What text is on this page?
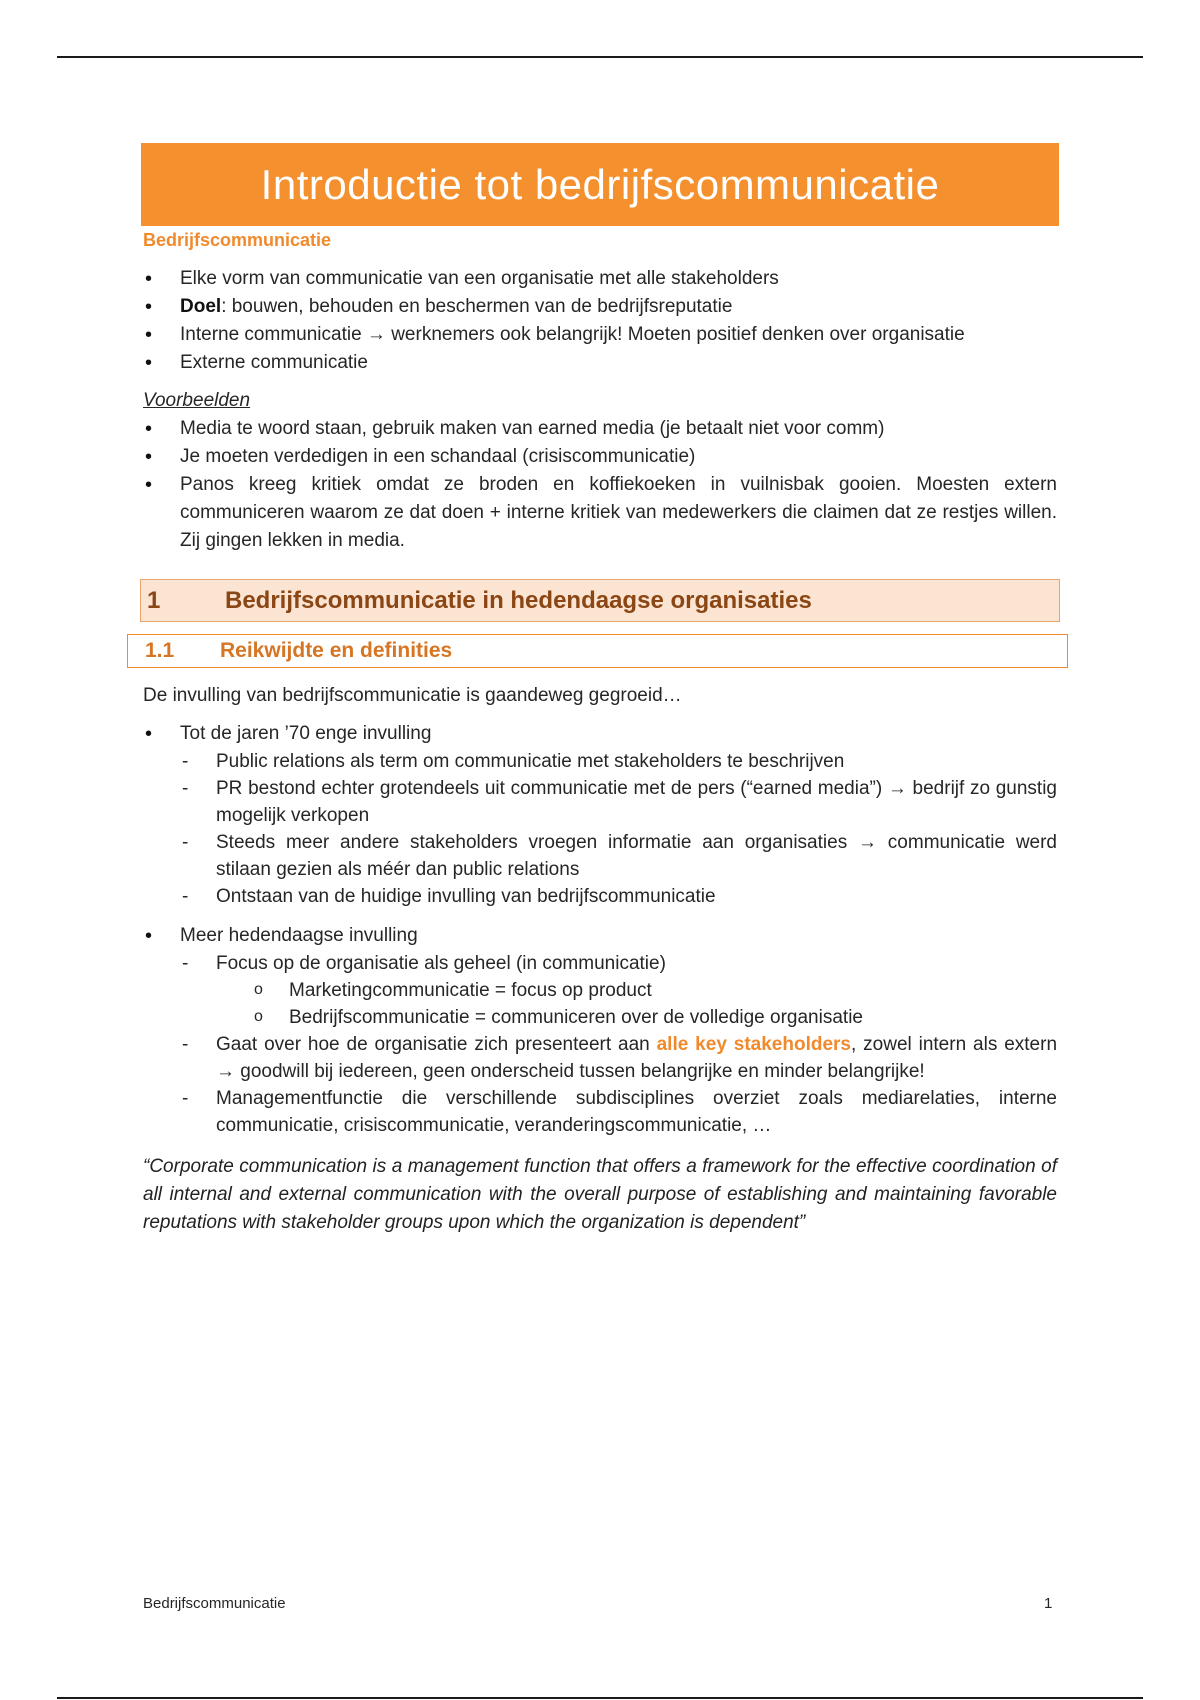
Introductie tot bedrijfscommunicatie
Bedrijfscommunicatie
• Elke vorm van communicatie van een organisatie met alle stakeholders
• Doel: bouwen, behouden en beschermen van de bedrijfsreputatie
• Interne communicatie → werknemers ook belangrijk! Moeten positief denken over organisatie
• Externe communicatie
Voorbeelden
• Media te woord staan, gebruik maken van earned media (je betaalt niet voor comm)
• Je moeten verdedigen in een schandaal (crisiscommunicatie)
• Panos kreeg kritiek omdat ze broden en koffiekoeken in vuilnisbak gooien. Moesten extern communiceren waarom ze dat doen + interne kritiek van medewerkers die claimen dat ze restjes willen. Zij gingen lekken in media.
1	Bedrijfscommunicatie in hedendaagse organisaties
1.1	Reikwijdte en definities
De invulling van bedrijfscommunicatie is gaandeweg gegroeid…
• Tot de jaren ’70 enge invulling
- Public relations als term om communicatie met stakeholders te beschrijven
- PR bestond echter grotendeels uit communicatie met de pers (“earned media”) → bedrijf zo gunstig mogelijk verkopen
- Steeds meer andere stakeholders vroegen informatie aan organisaties → communicatie werd stilaan gezien als méér dan public relations
- Ontstaan van de huidige invulling van bedrijfscommunicatie
• Meer hedendaagse invulling
- Focus op de organisatie als geheel (in communicatie)
o Marketingcommunicatie = focus op product
o Bedrijfscommunicatie = communiceren over de volledige organisatie
- Gaat over hoe de organisatie zich presenteert aan alle key stakeholders, zowel intern als extern → goodwill bij iedereen, geen onderscheid tussen belangrijke en minder belangrijke!
- Managementfunctie die verschillende subdisciplines overziet zoals mediarelaties, interne communicatie, crisiscommunicatie, veranderingscommunicatie, …
“Corporate communication is a management function that offers a framework for the effective coordination of all internal and external communication with the overall purpose of establishing and maintaining favorable reputations with stakeholder groups upon which the organization is dependent”
Bedrijfscommunicatie	1
